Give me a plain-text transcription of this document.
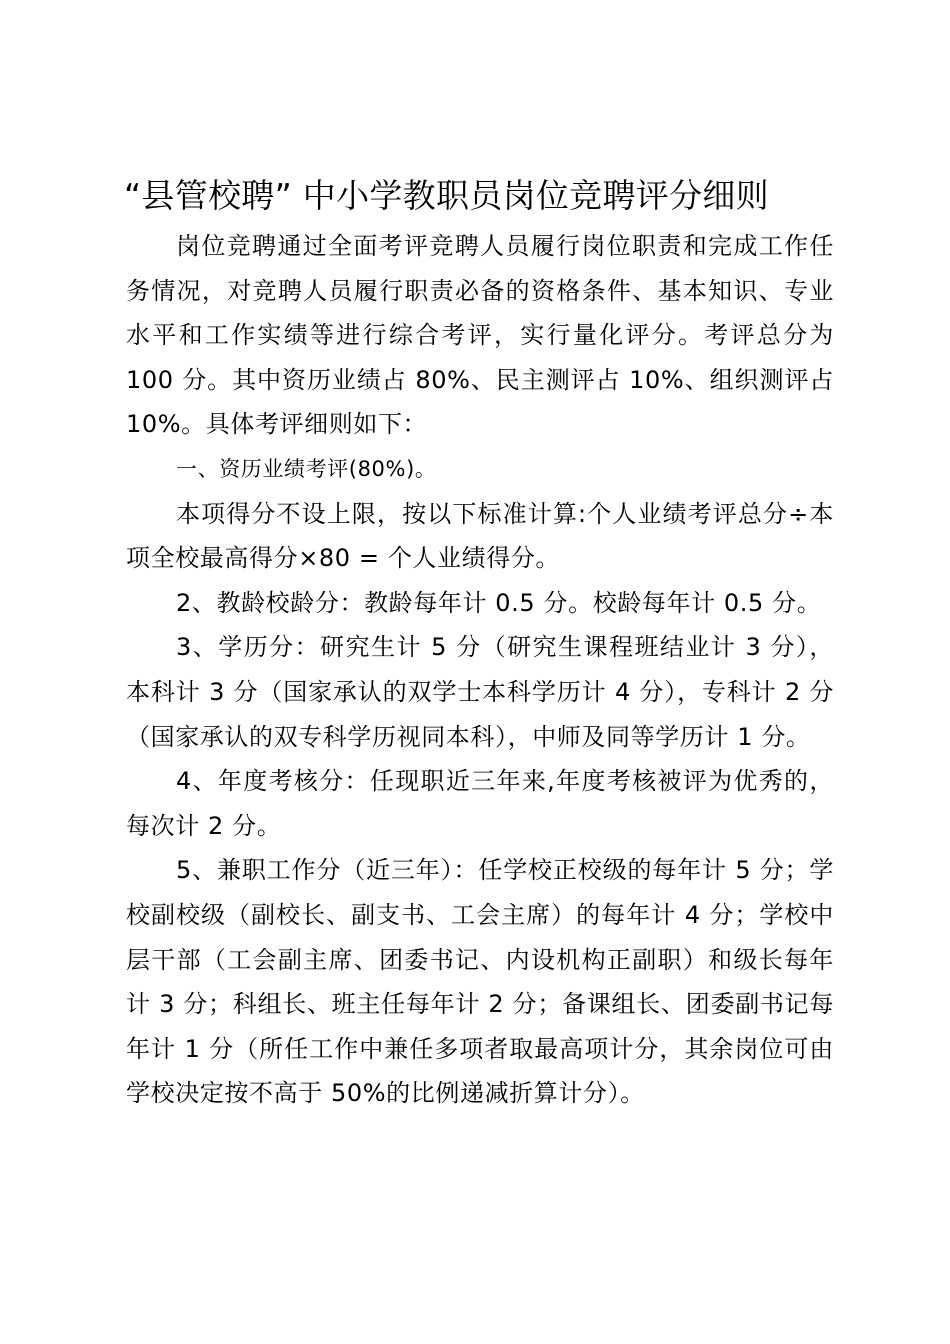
“县管校聘” 中小学教职员岗位竞聘评分细则

岗位竞聘通过全面考评竞聘人员履行岗位职责和完成工作任务情况，对竞聘人员履行职责必备的资格条件、基本知识、专业水平和工作实绩等进行综合考评，实行量化评分。考评总分为 100 分。其中资历业绩占 80%、民主测评占 10%、组织测评占 10%。具体考评细则如下：

一、资历业绩考评(80%)。

本项得分不设上限，按以下标准计算:个人业绩考评总分÷本项全校最高得分×80 = 个人业绩得分。

2、教龄校龄分：教龄每年计 0.5 分。校龄每年计 0.5 分。

3、学历分：研究生计 5 分（研究生课程班结业计 3 分），本科计 3 分（国家承认的双学士本科学历计 4 分），专科计 2 分（国家承认的双专科学历视同本科），中师及同等学历计 1 分。

4、年度考核分：任现职近三年来,年度考核被评为优秀的，每次计 2 分。

5、兼职工作分（近三年）：任学校正校级的每年计 5 分；学校副校级（副校长、副支书、工会主席）的每年计 4 分；学校中层干部（工会副主席、团委书记、内设机构正副职）和级长每年计 3 分；科组长、班主任每年计 2 分；备课组长、团委副书记每年计 1 分（所任工作中兼任多项者取最高项计分，其余岗位可由学校决定按不高于 50%的比例递减折算计分）。
